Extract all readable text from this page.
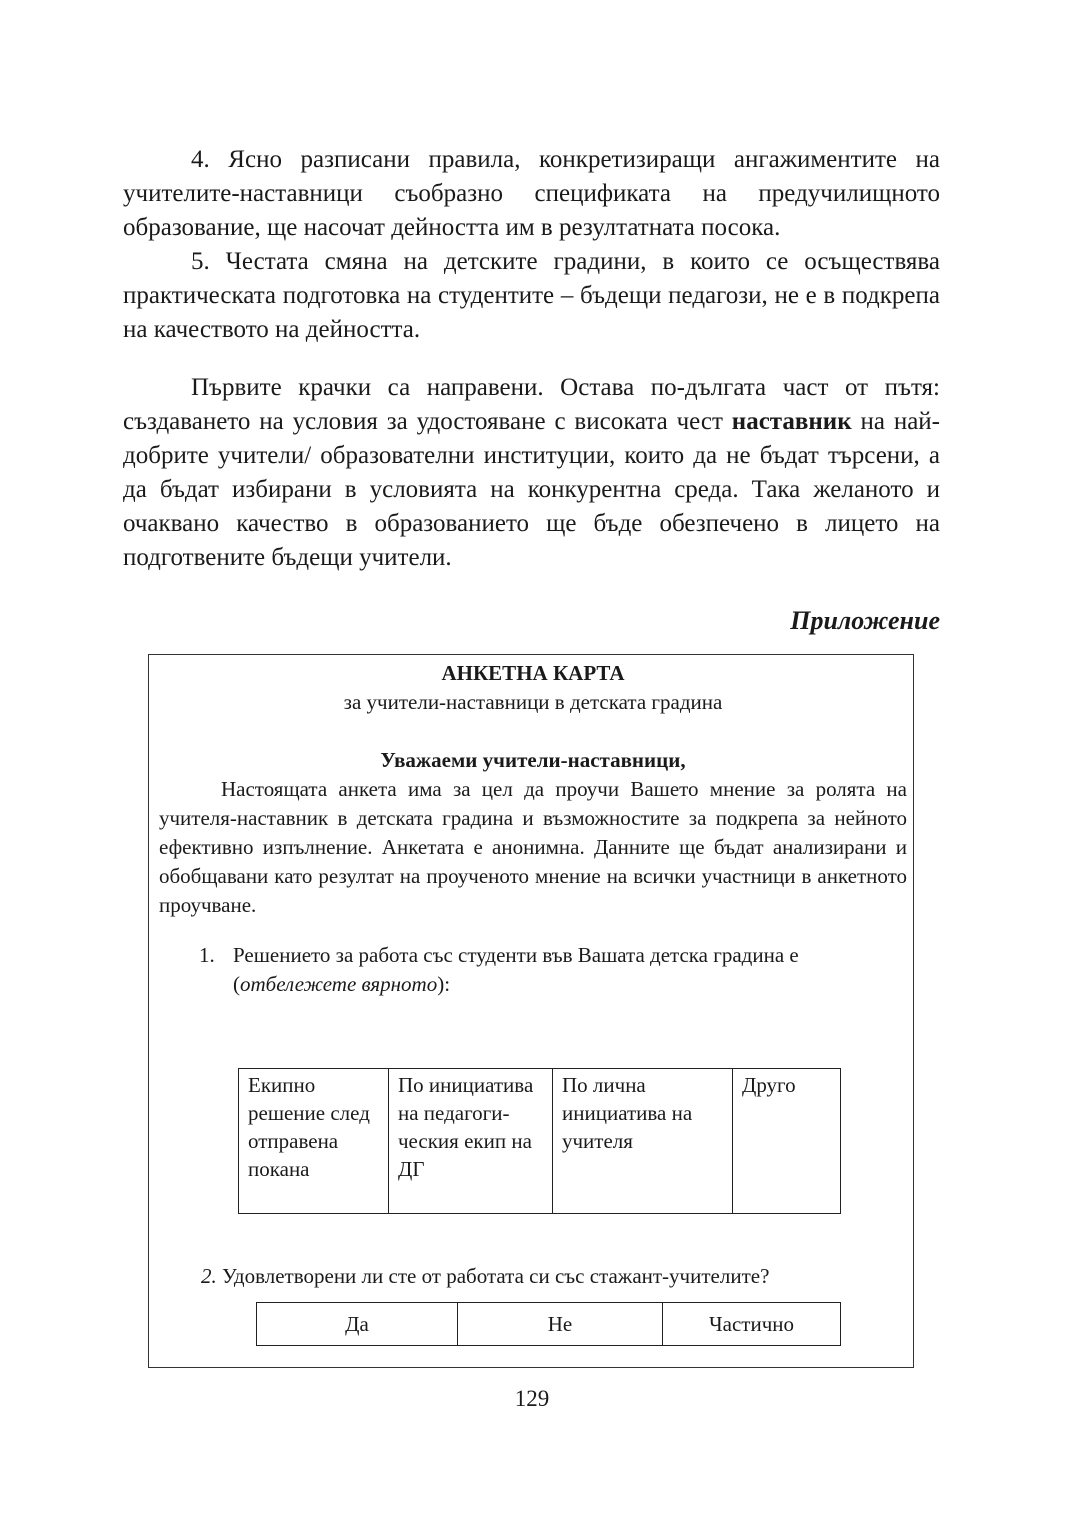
4. Ясно разписани правила, конкретизиращи ангажиментите на учителите-наставници съобразно спецификата на предучилищното образование, ще насочат дейността им в резултатната посока.

5. Честата смяна на детските градини, в които се осъществява практическата подготовка на студентите – бъдещи педагози, не е в подкрепа на качеството на дейността.

Първите крачки са направени. Остава по-дългата част от пътя: създаването на условия за удостояване с високата чест наставник на най-добрите учители/ образователни институции, които да не бъдат търсени, а да бъдат избирани в условията на конкурентна среда. Така желаното и очаквано качество в образованието ще бъде обезпечено в лицето на подготвените бъдещи учители.

Приложение
АНКЕТНА КАРТА
за учители-наставници в детската градина
Уважаеми учители-наставници,

Настоящата анкета има за цел да проучи Вашето мнение за ролята на учителя-наставник в детската градина и възможностите за подкрепа за нейното ефективно изпълнение. Анкетата е анонимна. Данните ще бъдат анализирани и обобщавани като резултат на проученото мнение на всички участници в анкетното проучване.

1. Решението за работа със студенти във Вашата детска градина е (отбележете вярното):
Екипно решение след отправена покана	По инициатива на педагоги-ческия екип на ДГ	По лична инициатива на учителя	Друго
2. Удовлетворени ли сте от работата си със стажант-учителите?
Да	Не	Частично
129
